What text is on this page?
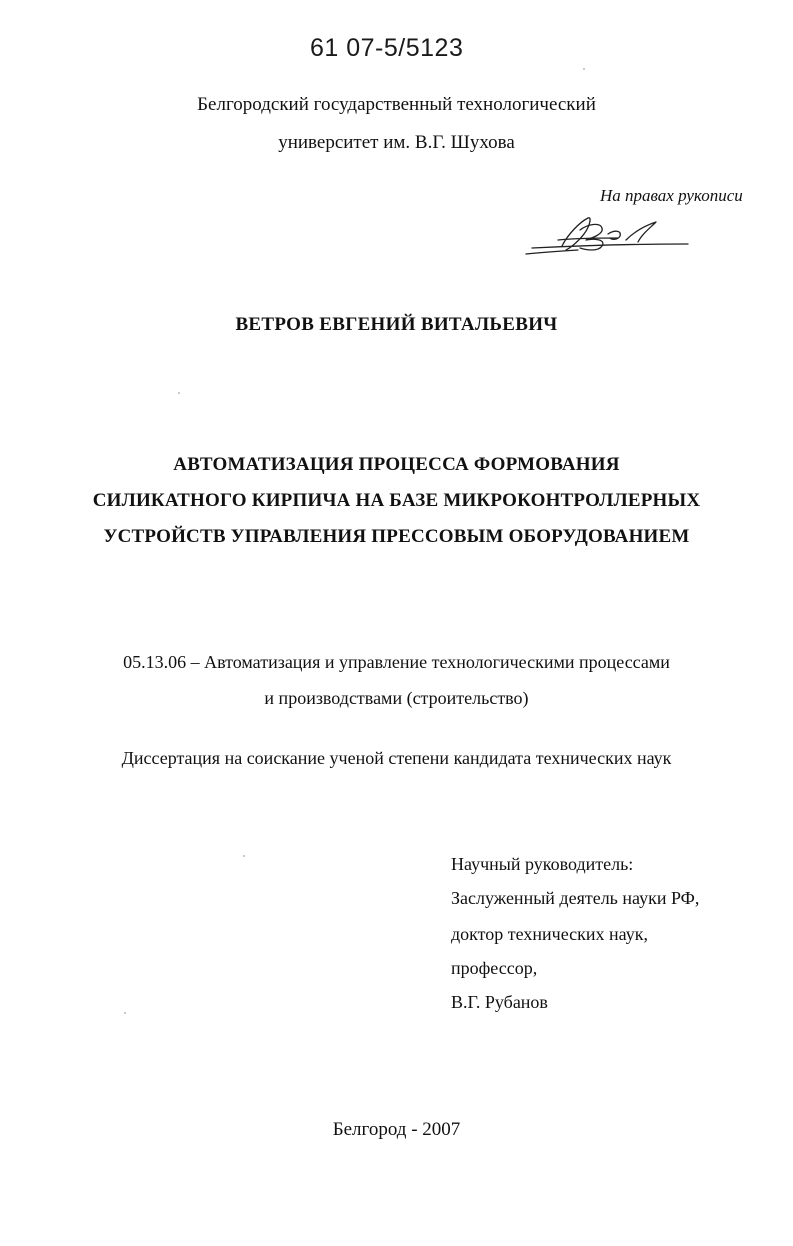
61 07-5/5123
Белгородский государственный технологический
университет им. В.Г. Шухова
На правах рукописи
ВЕТРОВ ЕВГЕНИЙ ВИТАЛЬЕВИЧ
АВТОМАТИЗАЦИЯ ПРОЦЕССА ФОРМОВАНИЯ
СИЛИКАТНОГО КИРПИЧА НА БАЗЕ МИКРОКОНТРОЛЛЕРНЫХ
УСТРОЙСТВ УПРАВЛЕНИЯ ПРЕССОВЫМ ОБОРУДОВАНИЕМ
05.13.06 – Автоматизация и управление технологическими процессами
и производствами (строительство)
Диссертация на соискание ученой степени кандидата технических наук
Научный руководитель:
Заслуженный деятель науки РФ,
доктор технических наук,
профессор,
В.Г. Рубанов
Белгород - 2007
